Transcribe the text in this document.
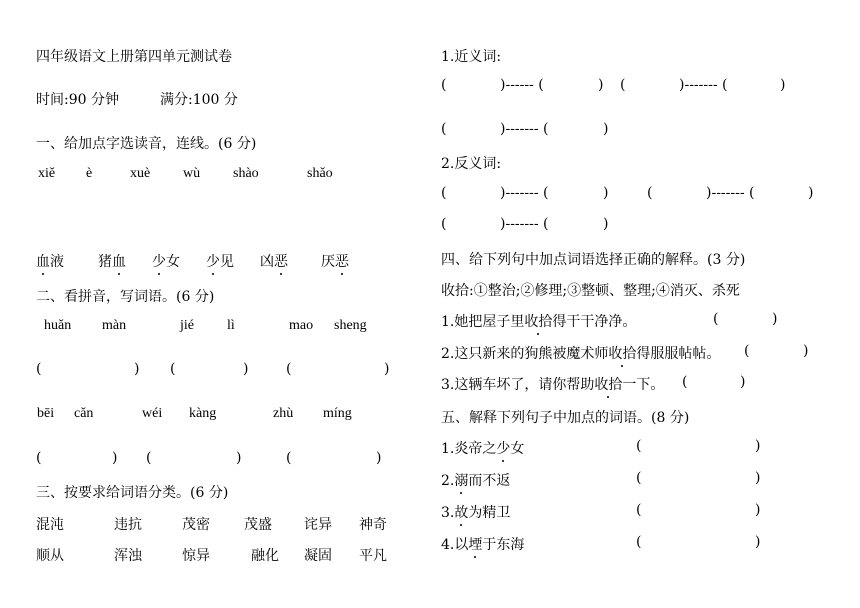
四年级语文上册第四单元测试卷
时间:90 分钟	满分:100 分
一、给加点字选读音，连线。(6 分)
xiě è	xuè wù shào	shǎo
血液 猪血 少女 少见 凶恶 厌恶
二、看拼音，写词语。(6 分)
huǎn màn	jié lì	mao sheng
(	) (	)	(	)
bēi cǎn	wéi kàng	zhù míng
(	) (	)	(	)
三、按要求给词语分类。(6 分)
混沌	违抗	茂密 茂盛 诧异 神奇
顺从	浑浊	惊异	融化 凝固 平凡
1.近义词:
(	)------ (	) (	)------- (	)
(	)------- (	)
2.反义词:
(	)------- (	)	(	)------- (	)
(	)------- (	)
四、给下列句中加点词语选择正确的解释。(3 分)
收拾:①整治;②修理;③整顿、整理;④消灭、杀死
1.她把屋子里收拾得干干净净。	(	)
2.这只新来的狗熊被魔术师收拾得服服帖帖。 (	)
3.这辆车坏了，请你帮助收拾一下。 (	)
五、解释下列句子中加点的词语。(8 分)
1.炎帝之少女	(	)
2.溺而不返	(	)
3.故为精卫	(	)
4.以堙于东海	(	)
